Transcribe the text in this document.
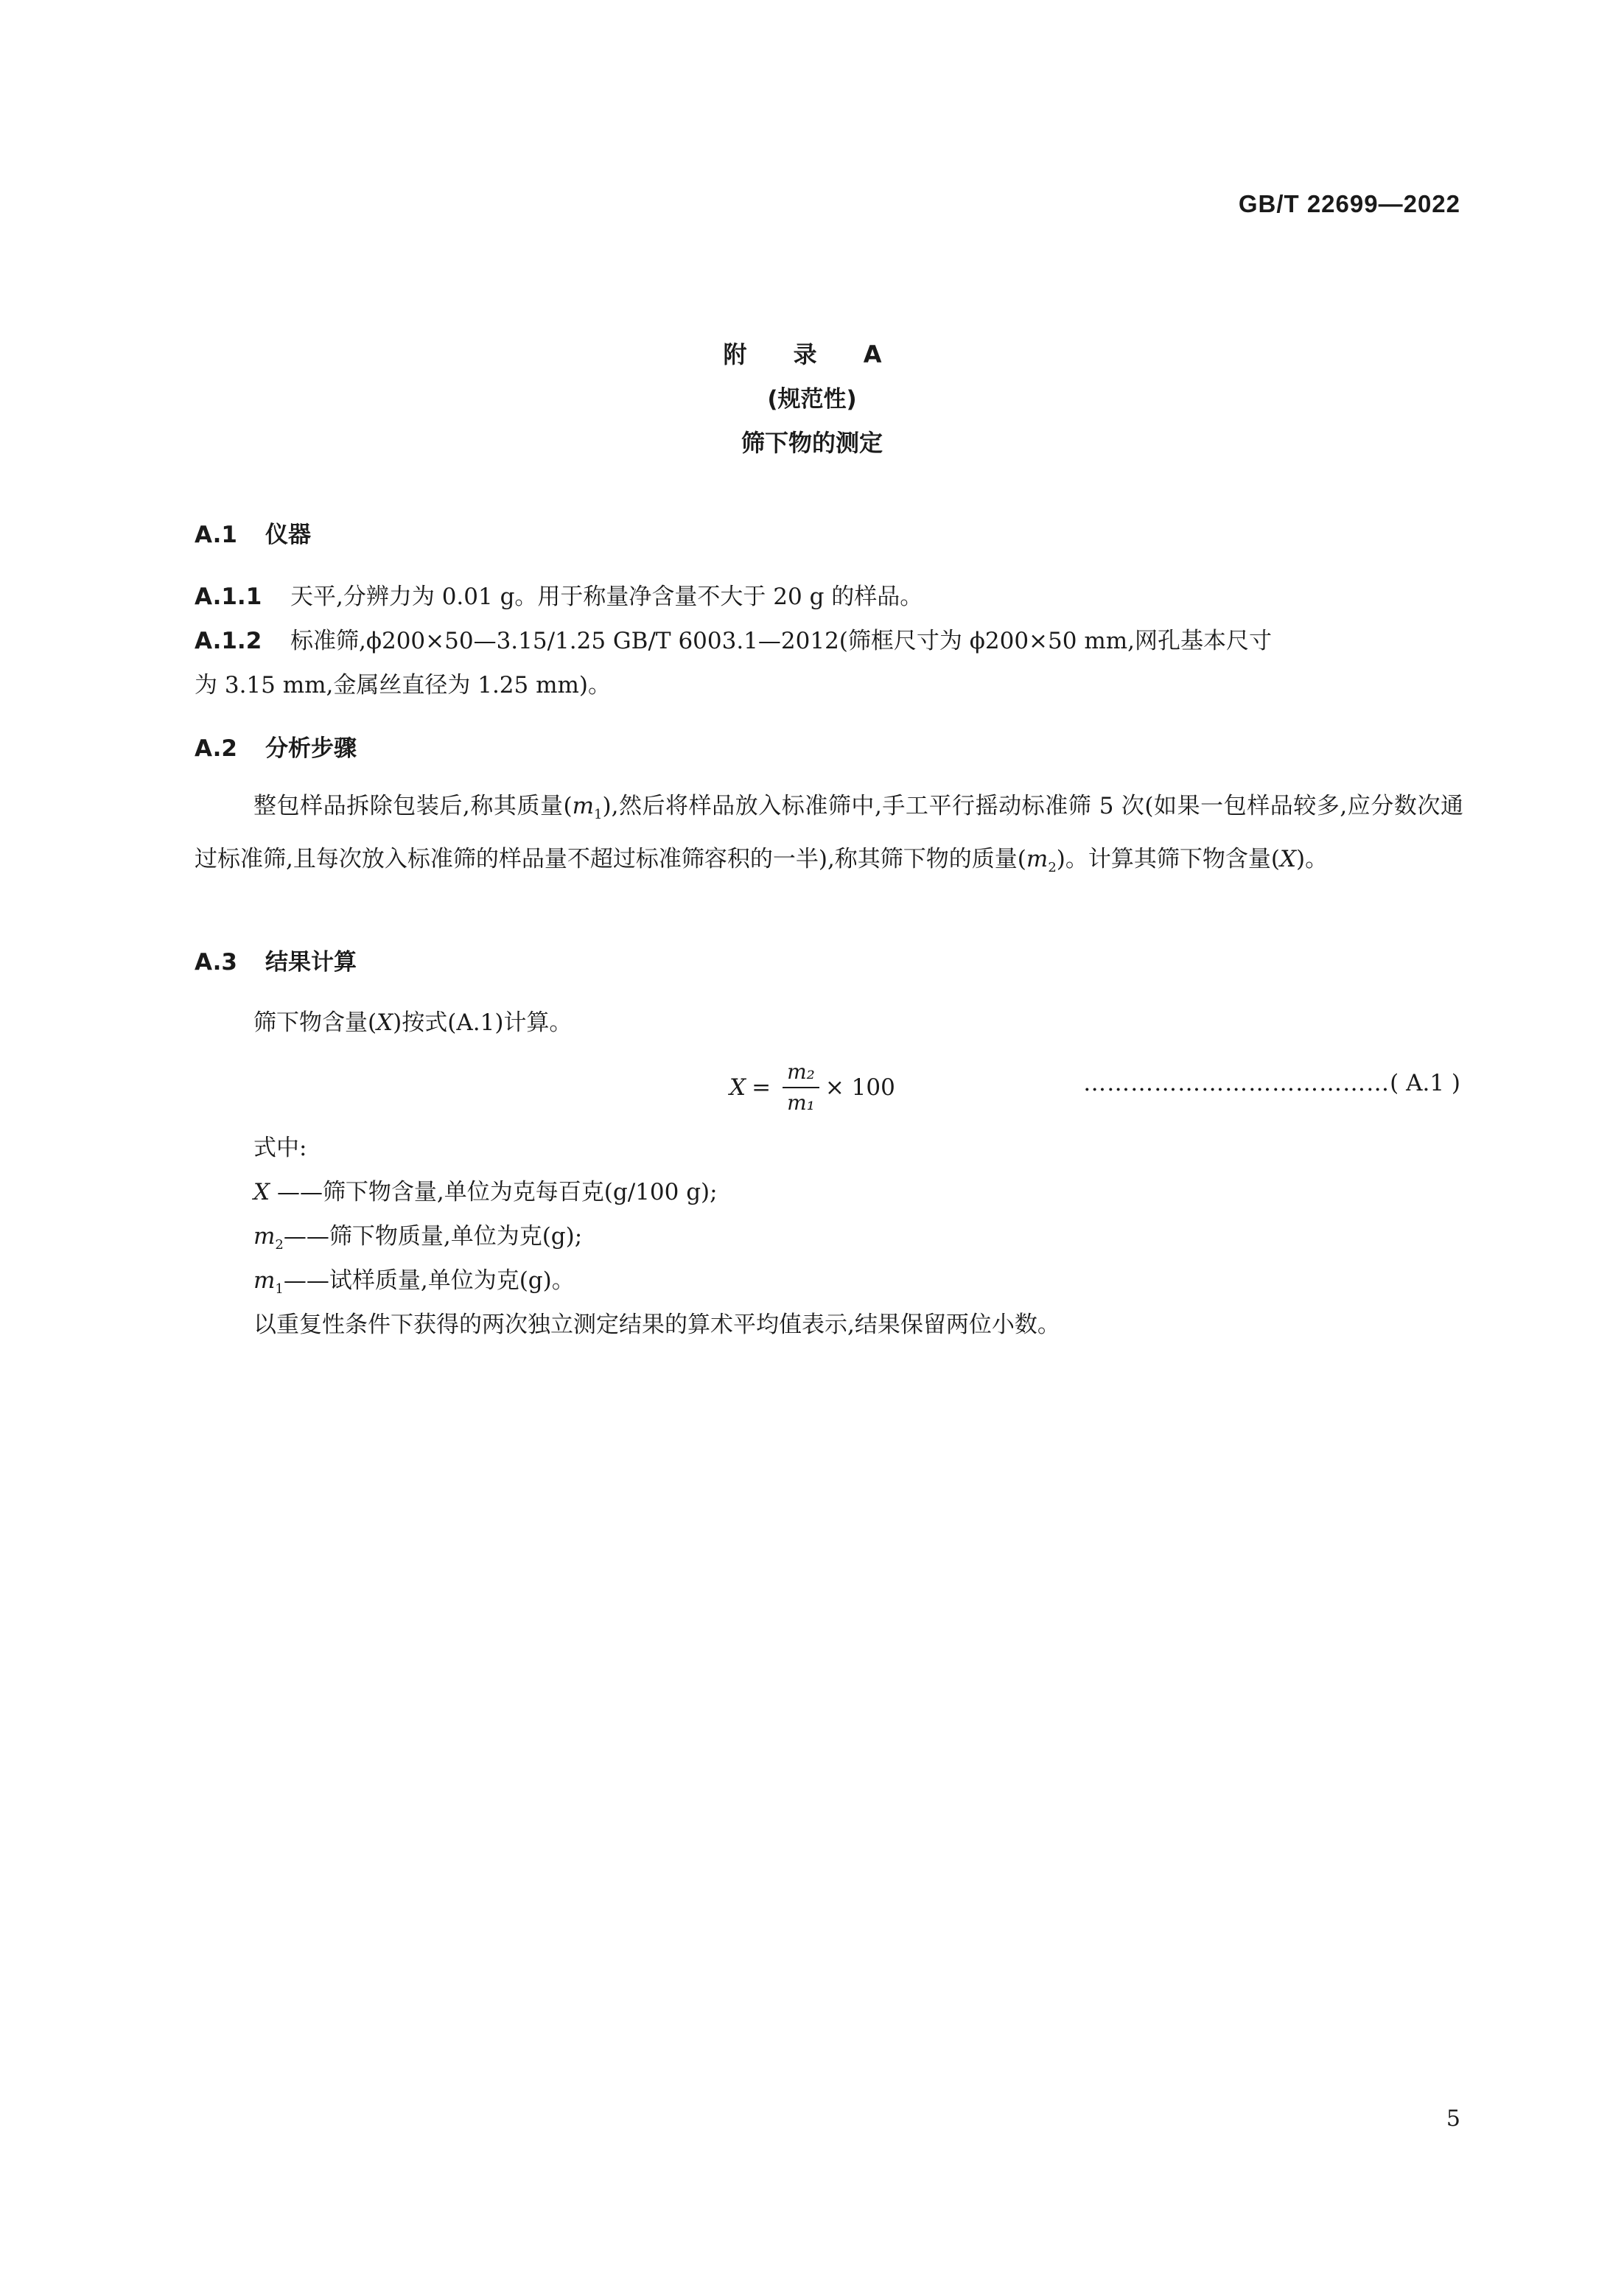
GB/T 22699—2022
附 录 A
(规范性)
筛下物的测定
A.1 仪器
A.1.1 天平,分辨力为 0.01 g。用于称量净含量不大于 20 g 的样品。
A.1.2 标准筛,ϕ200×50—3.15/1.25 GB/T 6003.1—2012(筛框尺寸为 ϕ200×50 mm,网孔基本尺寸
为 3.15 mm,金属丝直径为 1.25 mm)。
A.2 分析步骤
整包样品拆除包装后,称其质量$(m_1)$,然后将样品放入标准筛中,手工平行摇动标准筛 5 次(如果一包样品较多,应分数次通过标准筛,且每次放入标准筛的样品量不超过标准筛容积的一半),称其筛下物的质量$(m_2)$。计算其筛下物含量(X)。
A.3 结果计算
筛下物含量(X)按式(A.1)计算。
$X = \frac{\text{m₂}}{\text{m₁}} \times 100$	…………………………………( A.1 )
式中:
X ——筛下物含量,单位为克每百克(g/100 g);
$m_2——$筛下物质量,单位为克(g);
$m_1——$试样质量,单位为克(g)。
以重复性条件下获得的两次独立测定结果的算术平均值表示,结果保留两位小数。
5
